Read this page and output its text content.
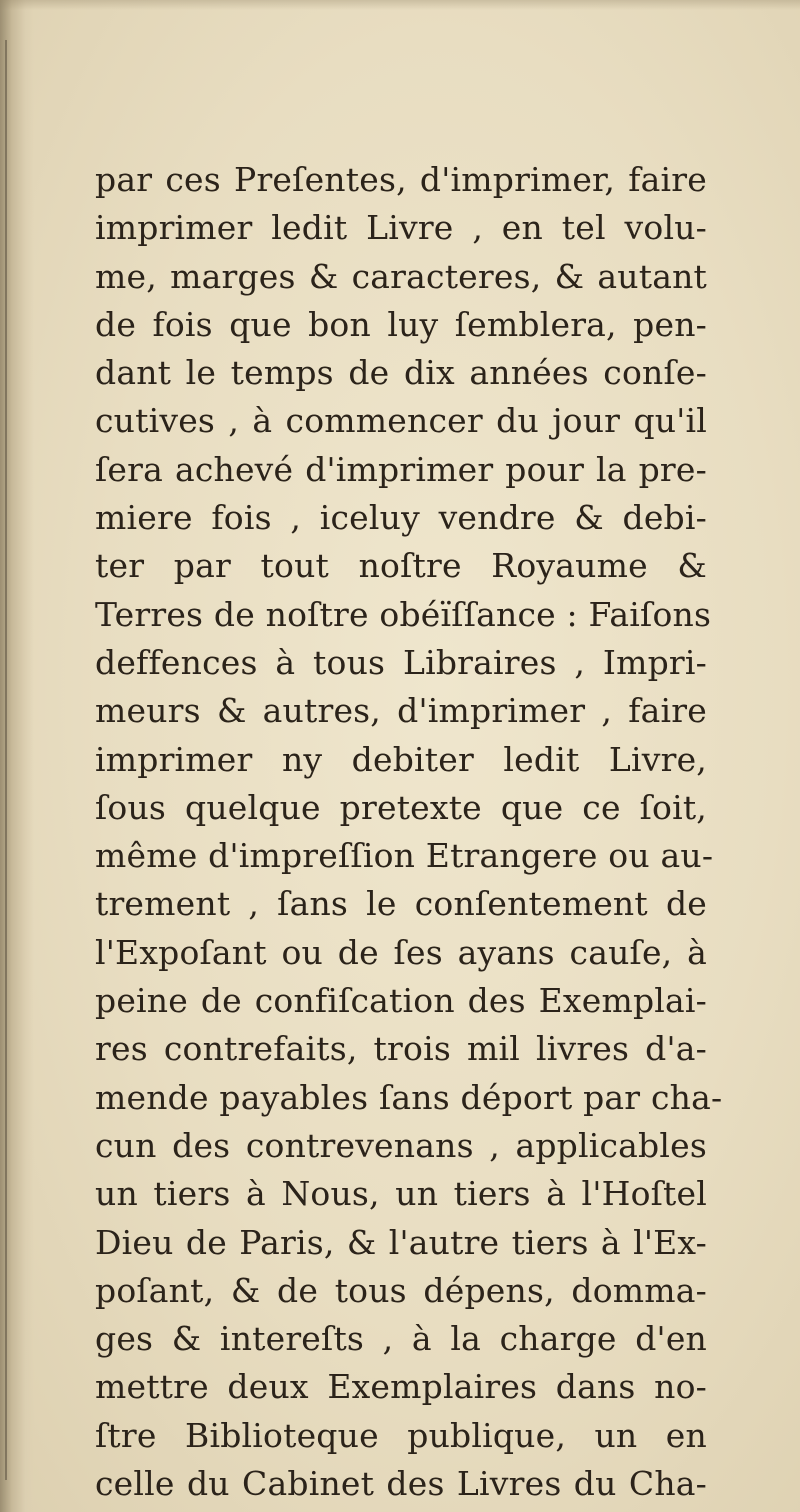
par ces Preſentes, d'imprimer, faire
imprimer ledit Livre , en tel volu-
me, marges & caracteres, & autant
de fois que bon luy ſemblera, pen-
dant le temps de dix années conſe-
cutives , à commencer du jour qu'il
ſera achevé d'imprimer pour la pre-
miere fois , iceluy vendre & debi-
ter par tout noſtre Royaume &
Terres de noſtre obéïſſance : Faiſons
deffences à tous Libraires , Impri-
meurs & autres, d'imprimer , faire
imprimer ny debiter ledit Livre,
ſous quelque pretexte que ce ſoit,
même d'impreſſion Etrangere ou au-
trement , ſans le conſentement de
l'Expoſant ou de ſes ayans cauſe, à
peine de confiſcation des Exemplai-
res contrefaits, trois mil livres d'a-
mende payables ſans déport par cha-
cun des contrevenans , applicables
un tiers à Nous, un tiers à l'Hoſtel
Dieu de Paris, & l'autre tiers à l'Ex-
poſant, & de tous dépens, domma-
ges & intereſts , à la charge d'en
mettre deux Exemplaires dans no-
ſtre Biblioteque publique, un en
celle du Cabinet des Livres du Cha-
